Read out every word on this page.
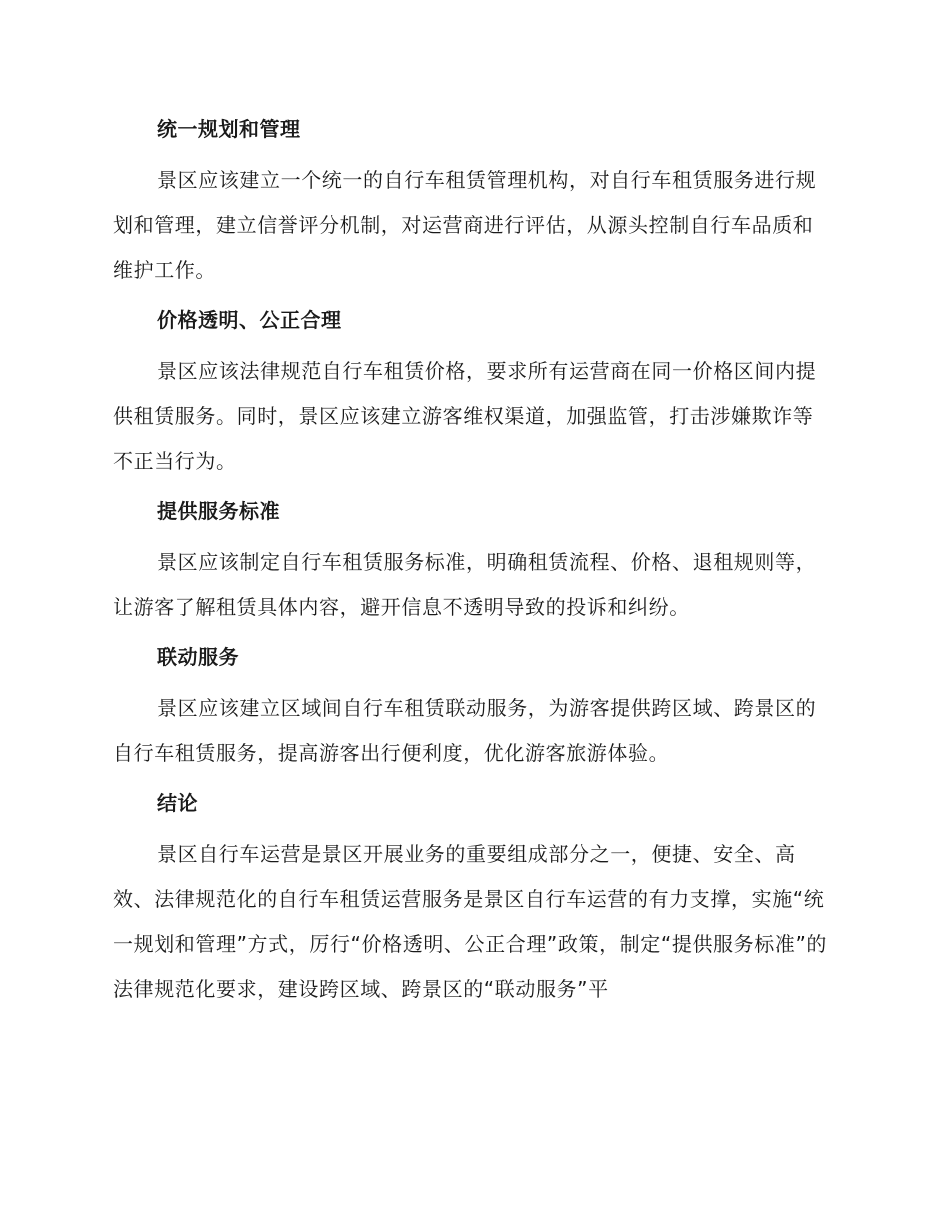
统一规划和管理

景区应该建立一个统一的自行车租赁管理机构，对自行车租赁服务进行规划和管理，建立信誉评分机制，对运营商进行评估，从源头控制自行车品质和维护工作。

价格透明、公正合理

景区应该法律规范自行车租赁价格，要求所有运营商在同一价格区间内提供租赁服务。同时，景区应该建立游客维权渠道，加强监管，打击涉嫌欺诈等不正当行为。

提供服务标准

景区应该制定自行车租赁服务标准，明确租赁流程、价格、退租规则等，让游客了解租赁具体内容，避开信息不透明导致的投诉和纠纷。

联动服务

景区应该建立区域间自行车租赁联动服务，为游客提供跨区域、跨景区的自行车租赁服务，提高游客出行便利度，优化游客旅游体验。

结论

景区自行车运营是景区开展业务的重要组成部分之一，便捷、安全、高效、法律规范化的自行车租赁运营服务是景区自行车运营的有力支撑，实施“统一规划和管理”方式，厉行“价格透明、公正合理”政策，制定“提供服务标准”的法律规范化要求，建设跨区域、跨景区的“联动服务”平
